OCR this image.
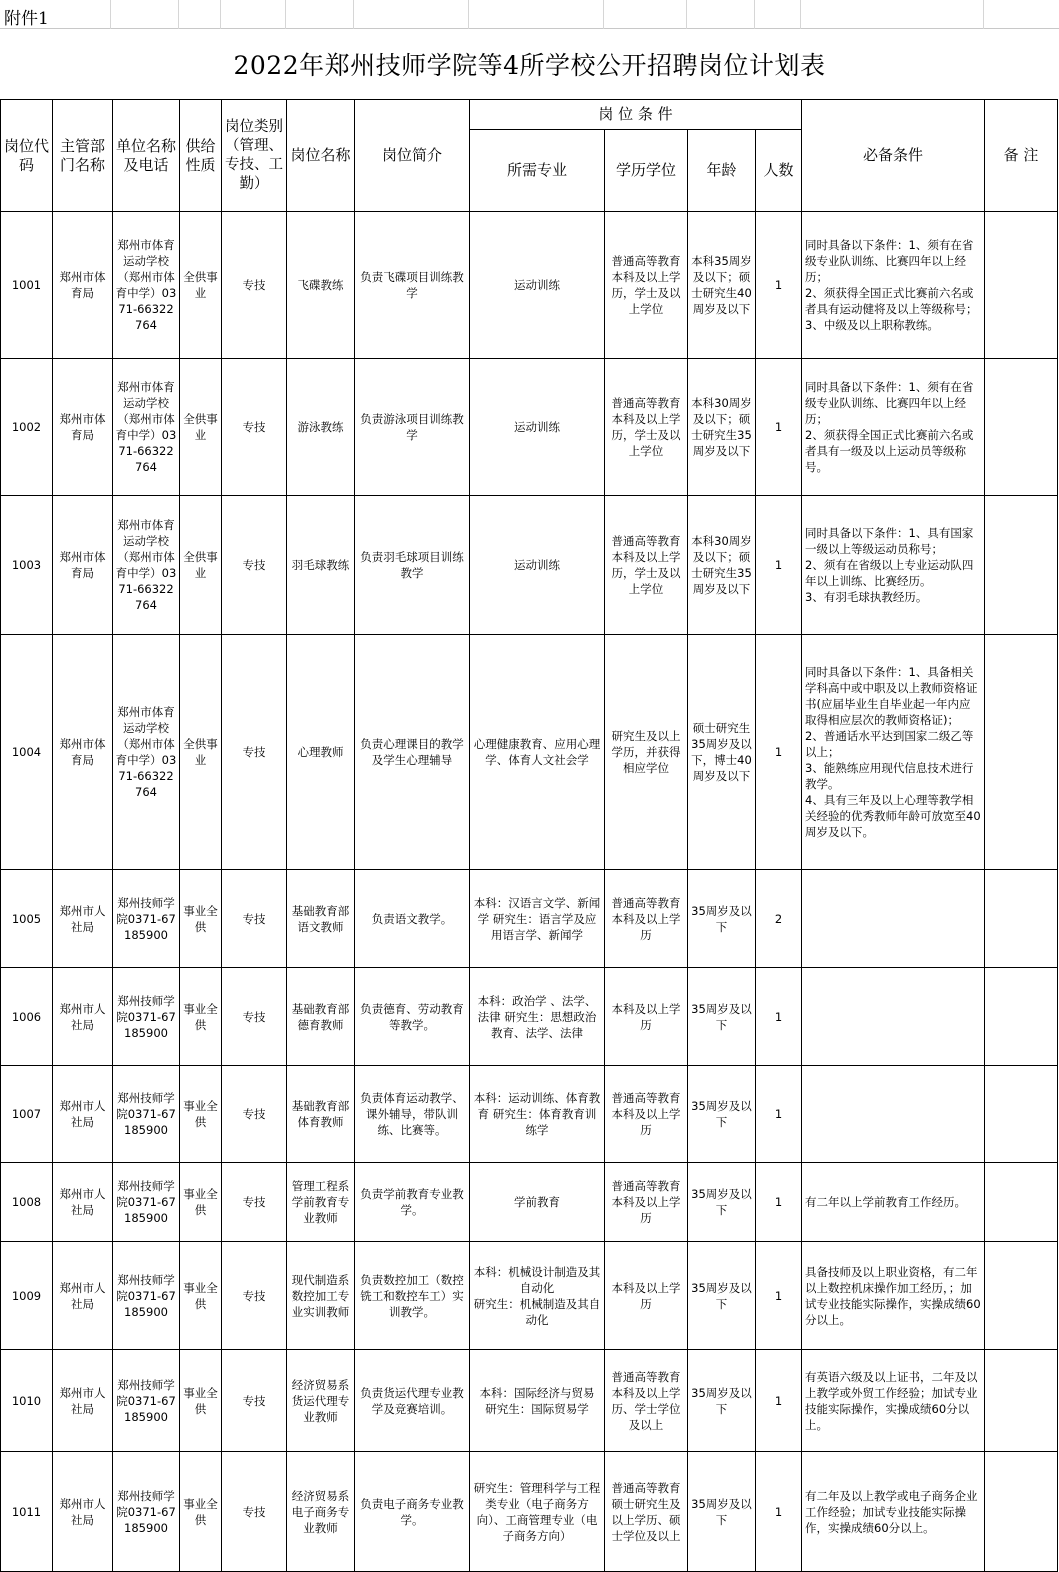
附件1
2022年郑州技师学院等4所学校公开招聘岗位计划表
岗位代码	主管部门名称	单位名称及电话	供给性质	岗位类别（管理、专技、工勤）	岗位名称	岗位简介	岗 位 条 件				必备条件	备 注
							所需专业	学历学位	年龄	人数		
1001	郑州市体育局	郑州市体育运动学校（郑州市体育中学）0371-66322764	全供事业	专技	飞碟教练	负责飞碟项目训练教学	运动训练	普通高等教育本科及以上学历，学士及以上学位	本科35周岁及以下；硕士研究生40周岁及以下	1	同时具备以下条件：1、须有在省级专业队训练、比赛四年以上经历；
2、须获得全国正式比赛前六名或者具有运动健将及以上等级称号；
3、中级及以上职称教练。	
1002	郑州市体育局	郑州市体育运动学校（郑州市体育中学）0371-66322764	全供事业	专技	游泳教练	负责游泳项目训练教学	运动训练	普通高等教育本科及以上学历，学士及以上学位	本科30周岁及以下；硕士研究生35周岁及以下	1	同时具备以下条件：1、须有在省级专业队训练、比赛四年以上经历；
2、须获得全国正式比赛前六名或者具有一级及以上运动员等级称号。	
1003	郑州市体育局	郑州市体育运动学校（郑州市体育中学）0371-66322764	全供事业	专技	羽毛球教练	负责羽毛球项目训练教学	运动训练	普通高等教育本科及以上学历，学士及以上学位	本科30周岁及以下；硕士研究生35周岁及以下	1	同时具备以下条件：1、具有国家一级以上等级运动员称号；
2、须有在省级以上专业运动队四年以上训练、比赛经历。
3、有羽毛球执教经历。	
1004	郑州市体育局	郑州市体育运动学校（郑州市体育中学）0371-66322764	全供事业	专技	心理教师	负责心理课目的教学及学生心理辅导	心理健康教育、应用心理学、体育人文社会学	研究生及以上学历，并获得相应学位	硕士研究生35周岁及以下，博士40周岁及以下	1	同时具备以下条件：1、具备相关学科高中或中职及以上教师资格证书(应届毕业生自毕业起一年内应取得相应层次的教师资格证)；
2、普通话水平达到国家二级乙等以上；
3、能熟练应用现代信息技术进行教学。
4、具有三年及以上心理等教学相关经验的优秀教师年龄可放宽至40周岁及以下。	
1005	郑州市人社局	郑州技师学院0371-67185900	事业全供	专技	基础教育部语文教师	负责语文教学。	本科：汉语言文学、新闻学 研究生：语言学及应用语言学、新闻学	普通高等教育本科及以上学历	35周岁及以下	2		
1006	郑州市人社局	郑州技师学院0371-67185900	事业全供	专技	基础教育部德育教师	负责德育、劳动教育等教学。	本科：政治学 、法学、法律 研究生：思想政治教育、法学、法律	本科及以上学历	35周岁及以下	1		
1007	郑州市人社局	郑州技师学院0371-67185900	事业全供	专技	基础教育部体育教师	负责体育运动教学、课外辅导，带队训练、比赛等。	本科：运动训练、体育教育 研究生：体育教育训练学	普通高等教育本科及以上学历	35周岁及以下	1		
1008	郑州市人社局	郑州技师学院0371-67185900	事业全供	专技	管理工程系学前教育专业教师	负责学前教育专业教学。	学前教育	普通高等教育本科及以上学历	35周岁及以下	1	有二年以上学前教育工作经历。	
1009	郑州市人社局	郑州技师学院0371-67185900	事业全供	专技	现代制造系数控加工专业实训教师	负责数控加工（数控铣工和数控车工）实训教学。	本科：机械设计制造及其自动化
研究生：机械制造及其自动化	本科及以上学历	35周岁及以下	1	具备技师及以上职业资格，有二年以上数控机床操作加工经历，；加试专业技能实际操作，实操成绩60分以上。	
1010	郑州市人社局	郑州技师学院0371-67185900	事业全供	专技	经济贸易系货运代理专业教师	负责货运代理专业教学及竞赛培训。	本科：国际经济与贸易
研究生：国际贸易学	普通高等教育本科及以上学历、学士学位及以上	35周岁及以下	1	有英语六级及以上证书，二年及以上教学或外贸工作经验；加试专业技能实际操作，实操成绩60分以上。	
1011	郑州市人社局	郑州技师学院0371-67185900	事业全供	专技	经济贸易系电子商务专业教师	负责电子商务专业教学。	研究生：管理科学与工程类专业（电子商务方向）、工商管理专业（电子商务方向）	普通高等教育硕士研究生及以上学历、硕士学位及以上	35周岁及以下	1	有二年及以上教学或电子商务企业工作经验；加试专业技能实际操作，实操成绩60分以上。	
